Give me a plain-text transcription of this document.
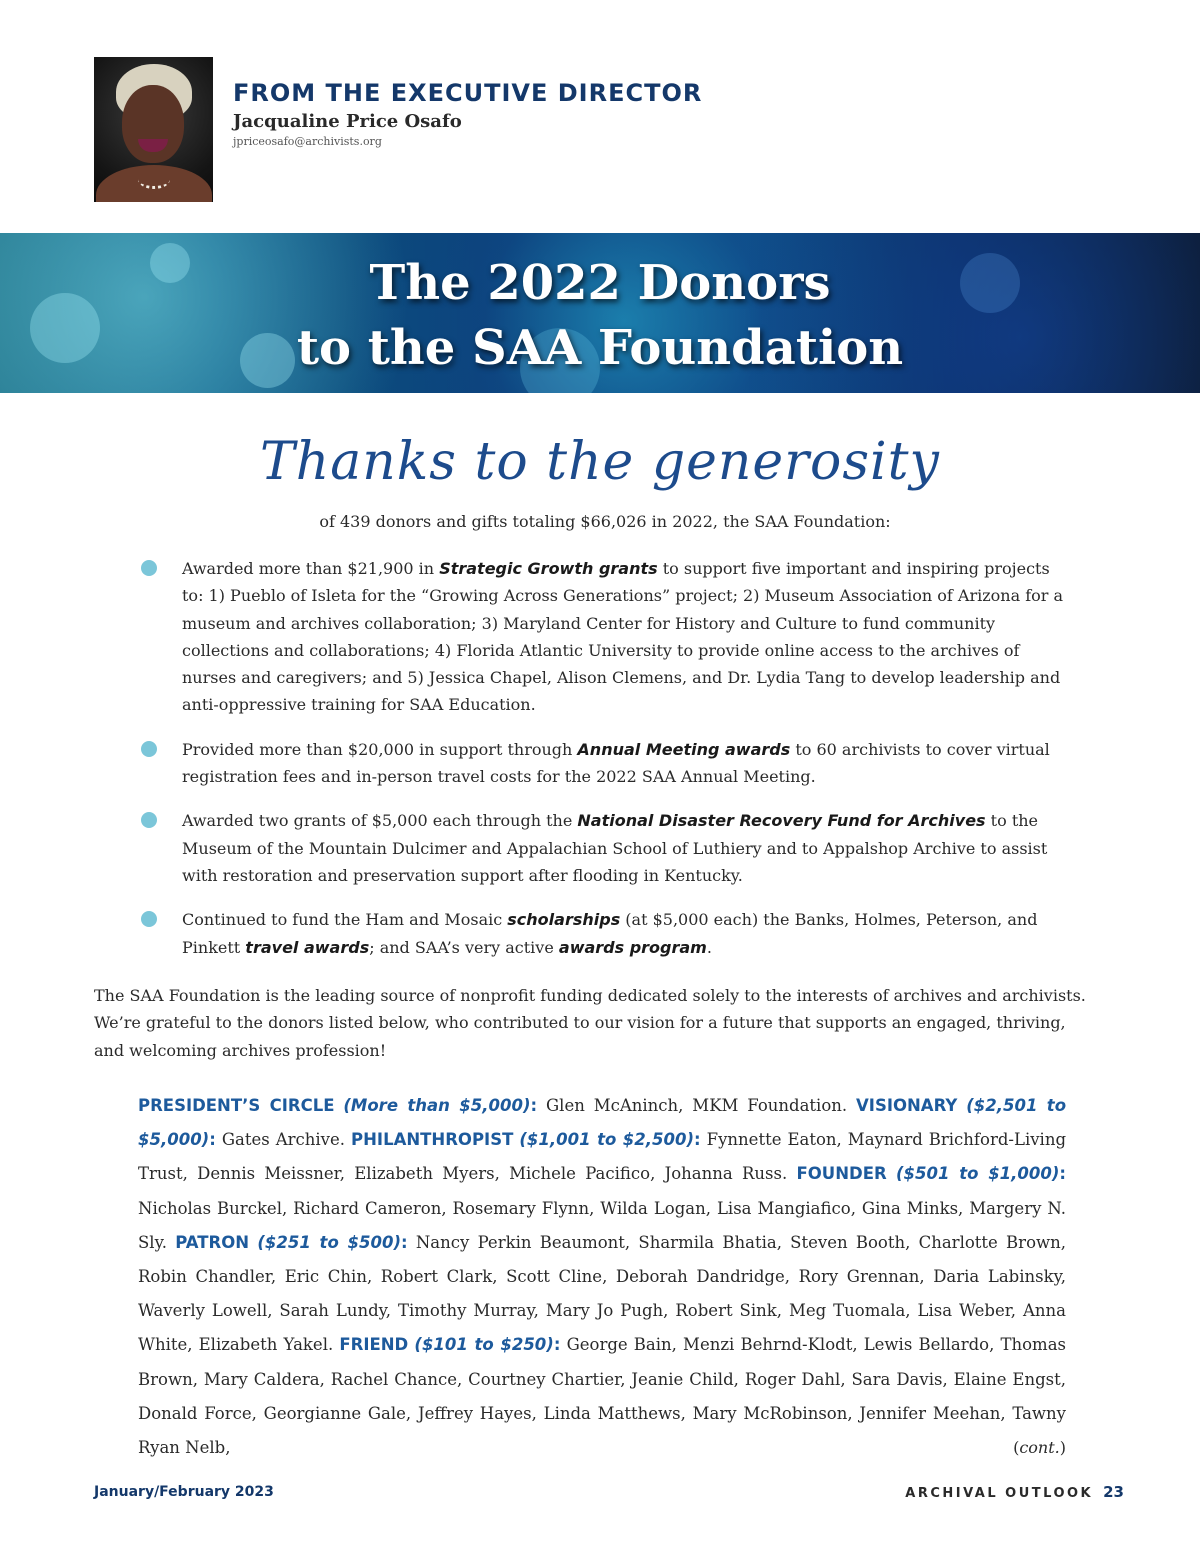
FROM THE EXECUTIVE DIRECTOR
Jacqualine Price Osafo
jpriceosafo@archivists.org
The 2022 Donors
to the SAA Foundation
Thanks to the generosity
of 439 donors and gifts totaling $66,026 in 2022, the SAA Foundation:
Awarded more than $21,900 in Strategic Growth grants to support five important and inspiring projects to: 1) Pueblo of Isleta for the “Growing Across Generations” project; 2) Museum Association of Arizona for a museum and archives collaboration; 3) Maryland Center for History and Culture to fund community collections and collaborations; 4) Florida Atlantic University to provide online access to the archives of nurses and caregivers; and 5) Jessica Chapel, Alison Clemens, and Dr. Lydia Tang to develop leadership and anti-oppressive training for SAA Education.
Provided more than $20,000 in support through Annual Meeting awards to 60 archivists to cover virtual registration fees and in-person travel costs for the 2022 SAA Annual Meeting.
Awarded two grants of $5,000 each through the National Disaster Recovery Fund for Archives to the Museum of the Mountain Dulcimer and Appalachian School of Luthiery and to Appalshop Archive to assist with restoration and preservation support after flooding in Kentucky.
Continued to fund the Ham and Mosaic scholarships (at $5,000 each) the Banks, Holmes, Peterson, and Pinkett travel awards; and SAA’s very active awards program.

The SAA Foundation is the leading source of nonprofit funding dedicated solely to the interests of archives and archivists. We’re grateful to the donors listed below, who contributed to our vision for a future that supports an engaged, thriving, and welcoming archives profession!

PRESIDENT’S CIRCLE (More than $5,000): Glen McAninch, MKM Foundation. VISIONARY ($2,501 to $5,000): Gates Archive. PHILANTHROPIST ($1,001 to $2,500): Fynnette Eaton, Maynard Brichford-Living Trust, Dennis Meissner, Elizabeth Myers, Michele Pacifico, Johanna Russ. FOUNDER ($501 to $1,000): Nicholas Burckel, Richard Cameron, Rosemary Flynn, Wilda Logan, Lisa Mangiafico, Gina Minks, Margery N. Sly. PATRON ($251 to $500): Nancy Perkin Beaumont, Sharmila Bhatia, Steven Booth, Charlotte Brown, Robin Chandler, Eric Chin, Robert Clark, Scott Cline, Deborah Dandridge, Rory Grennan, Daria Labinsky, Waverly Lowell, Sarah Lundy, Timothy Murray, Mary Jo Pugh, Robert Sink, Meg Tuomala, Lisa Weber, Anna White, Elizabeth Yakel. FRIEND ($101 to $250): George Bain, Menzi Behrnd-Klodt, Lewis Bellardo, Thomas Brown, Mary Caldera, Rachel Chance, Courtney Chartier, Jeanie Child, Roger Dahl, Sara Davis, Elaine Engst, Donald Force, Georgianne Gale, Jeffrey Hayes, Linda Matthews, Mary McRobinson, Jennifer Meehan, Tawny Ryan Nelb,	(cont.)
January/February 2023	ARCHIVAL OUTLOOK 23
